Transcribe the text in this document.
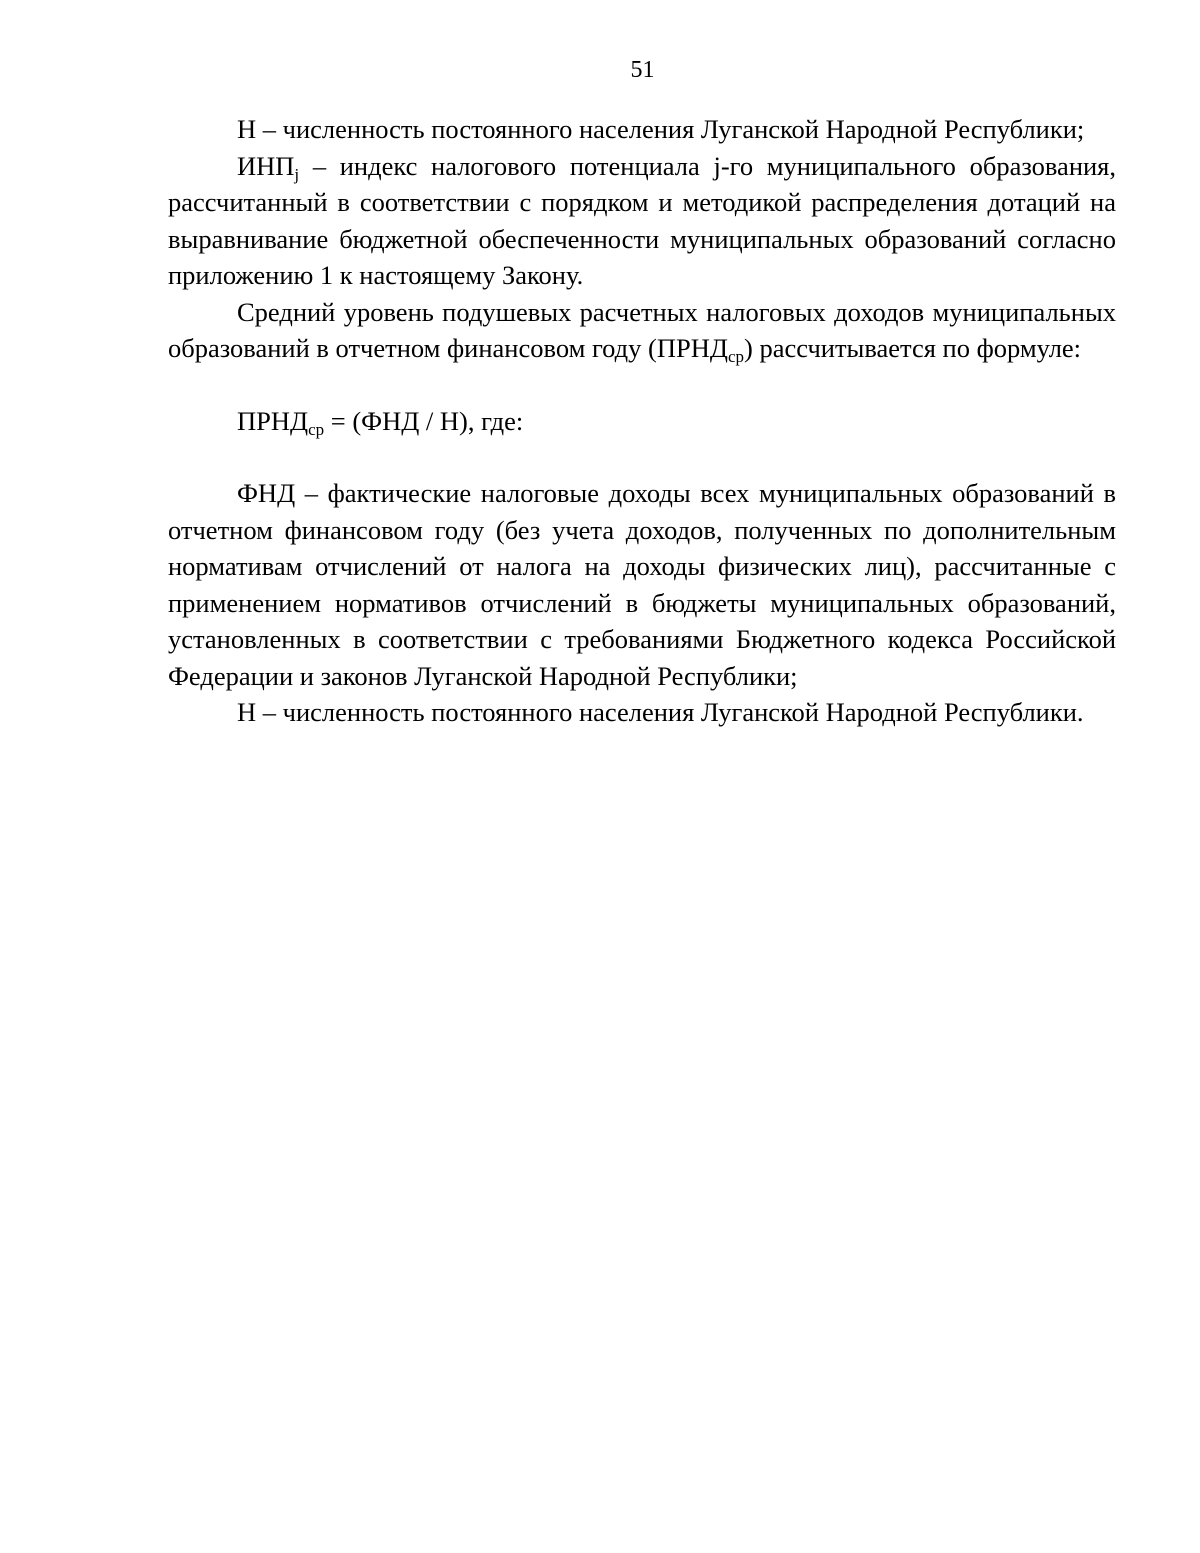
51

Н – численность постоянного населения Луганской Народной Республики;

$ИНП_j$ – индекс налогового потенциала j-го муниципального образования, рассчитанный в соответствии с порядком и методикой распределения дотаций на выравнивание бюджетной обеспеченности муниципальных образований согласно приложению 1 к настоящему Закону.

Средний уровень подушевых расчетных налоговых доходов муниципальных образований в отчетном финансовом году $(ПРНД_{ср})$ рассчитывается по формуле:

$ПРНД_{ср} = (ФНД / Н)$, где:

ФНД – фактические налоговые доходы всех муниципальных образований в отчетном финансовом году (без учета доходов, полученных по дополнительным нормативам отчислений от налога на доходы физических лиц), рассчитанные с применением нормативов отчислений в бюджеты муниципальных образований, установленных в соответствии с требованиями Бюджетного кодекса Российской Федерации и законов Луганской Народной Республики;

Н – численность постоянного населения Луганской Народной Республики.
